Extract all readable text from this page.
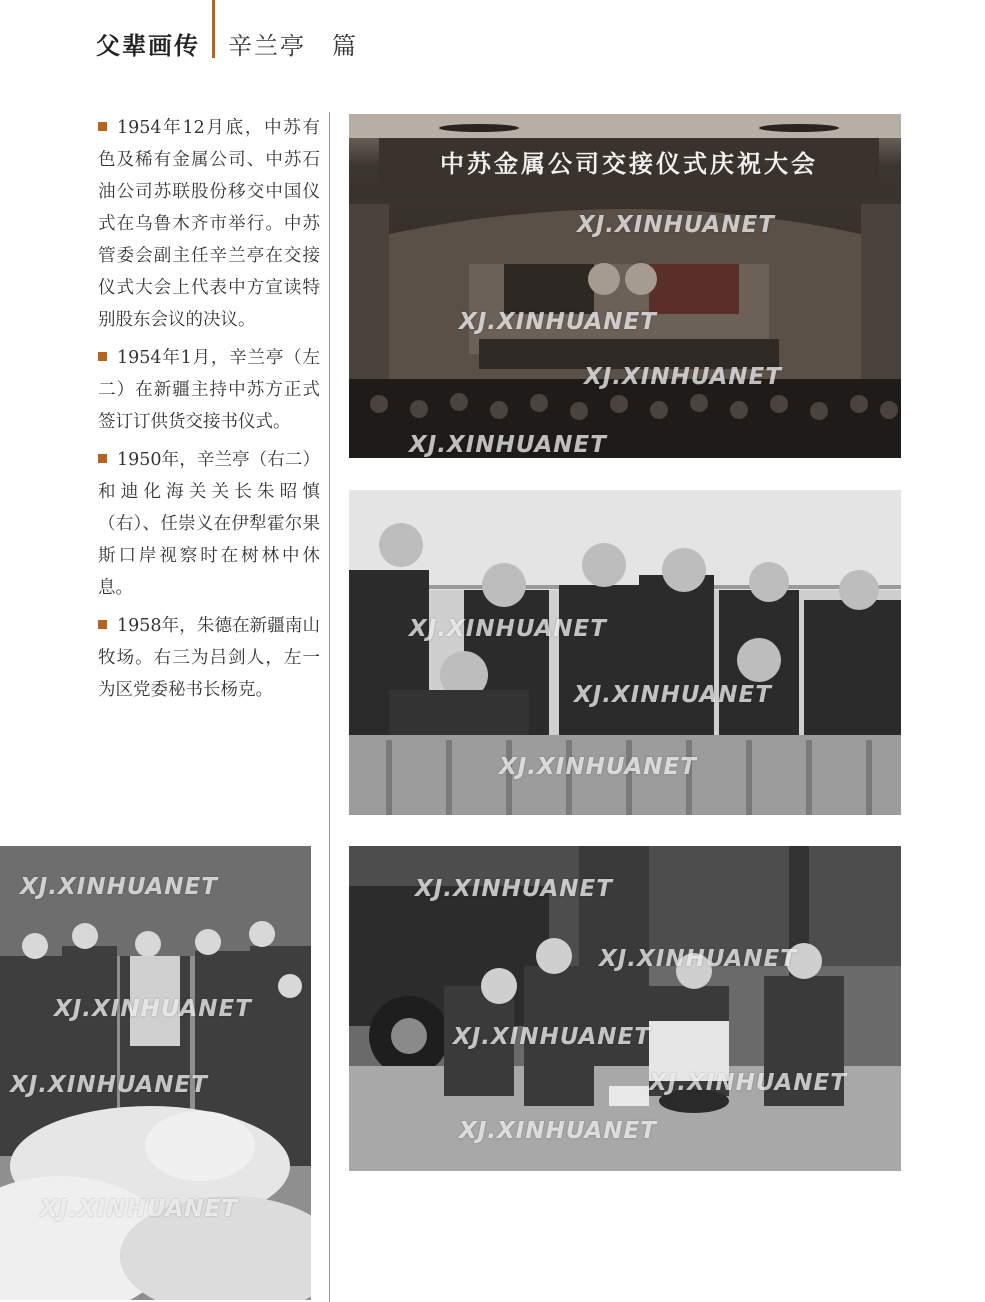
父辈画传 辛兰亭　篇

1954年12月底，中苏有色及稀有金属公司、中苏石油公司苏联股份移交中国仪式在乌鲁木齐市举行。中苏管委会副主任辛兰亭在交接仪式大会上代表中方宣读特别股东会议的决议。

1954年1月，辛兰亭（左二）在新疆主持中苏方正式签订订供货交接书仪式。

1950年，辛兰亭（右二）和迪化海关关长朱昭慎（右）、任崇义在伊犁霍尔果斯口岸视察时在树林中休息。

1958年，朱德在新疆南山牧场。右三为吕剑人，左一为区党委秘书长杨克。

中苏金属公司交接仪式庆祝大会
XJ.XINHUANET
XJ.XINHUANET
XJ.XINHUANET
XJ.XINHUANET
XJ.XINHUANET
XJ.XINHUANET
XJ.XINHUANET
XJ.XINHUANET
XJ.XINHUANET
XJ.XINHUANET
XJ.XINHUANET
XJ.XINHUANET
XJ.XINHUANET
XJ.XINHUANET
XJ.XINHUANET
XJ.XINHUANET
